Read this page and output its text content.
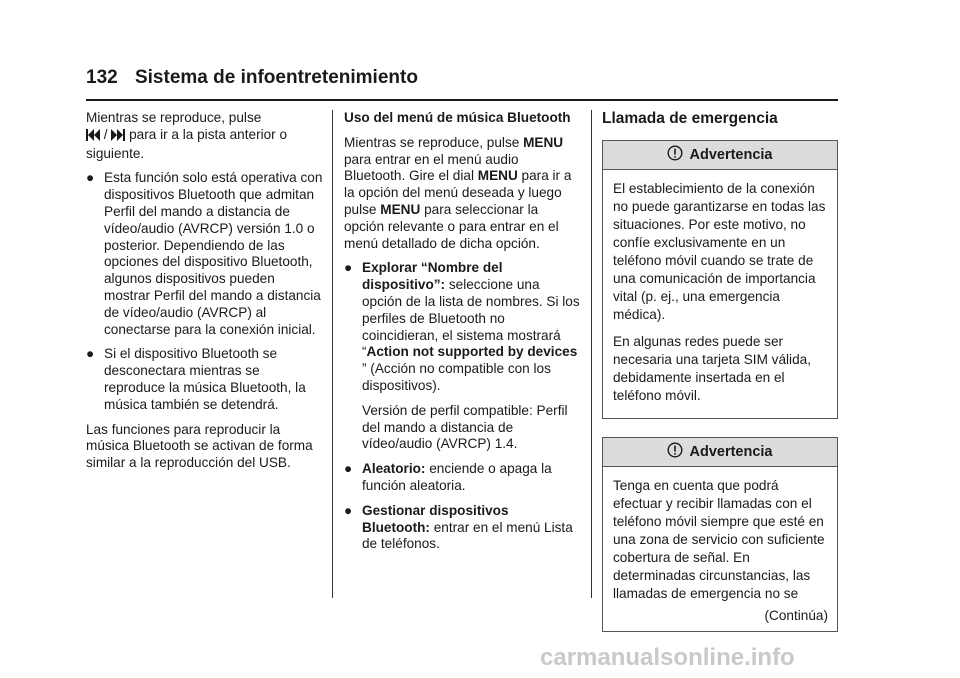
132 Sistema de infoentretenimiento

Mientras se reproduce, pulse
/ para ir a la pista anterior o siguiente.

● Esta función solo está operativa con dispositivos Bluetooth que admitan Perfil del mando a distancia de vídeo/audio (AVRCP) versión 1.0 o posterior. Dependiendo de las opciones del dispositivo Bluetooth, algunos dispositivos pueden mostrar Perfil del mando a distancia de vídeo/audio (AVRCP) al conectarse para la conexión inicial.
● Si el dispositivo Bluetooth se desconectara mientras se reproduce la música Bluetooth, la música también se detendrá.

Las funciones para reproducir la música Bluetooth se activan de forma similar a la reproducción del USB.

Uso del menú de música Bluetooth

Mientras se reproduce, pulse MENU para entrar en el menú audio Bluetooth. Gire el dial MENU para ir a la opción del menú deseada y luego pulse MENU para seleccionar la opción relevante o para entrar en el menú detallado de dicha opción.

● Explorar “Nombre del dispositivo”: seleccione una opción de la lista de nombres. Si los perfiles de Bluetooth no coincidieran, el sistema mostrará “Action not supported by devices ” (Acción no compatible con los dispositivos).

Versión de perfil compatible: Perfil del mando a distancia de vídeo/audio (AVRCP) 1.4.

● Aleatorio: enciende o apaga la función aleatoria.
● Gestionar dispositivos Bluetooth: entrar en el menú Lista de teléfonos.
Llamada de emergencia
Advertencia

El establecimiento de la conexión no puede garantizarse en todas las situaciones. Por este motivo, no confíe exclusivamente en un teléfono móvil cuando se trate de una comunicación de importancia vital (p. ej., una emergencia médica).

En algunas redes puede ser necesaria una tarjeta SIM válida, debidamente insertada en el teléfono móvil.

Advertencia

Tenga en cuenta que podrá efectuar y recibir llamadas con el teléfono móvil siempre que esté en una zona de servicio con suficiente cobertura de señal. En determinadas circunstancias, las llamadas de emergencia no se

(Continúa)
carmanualsonline.info
